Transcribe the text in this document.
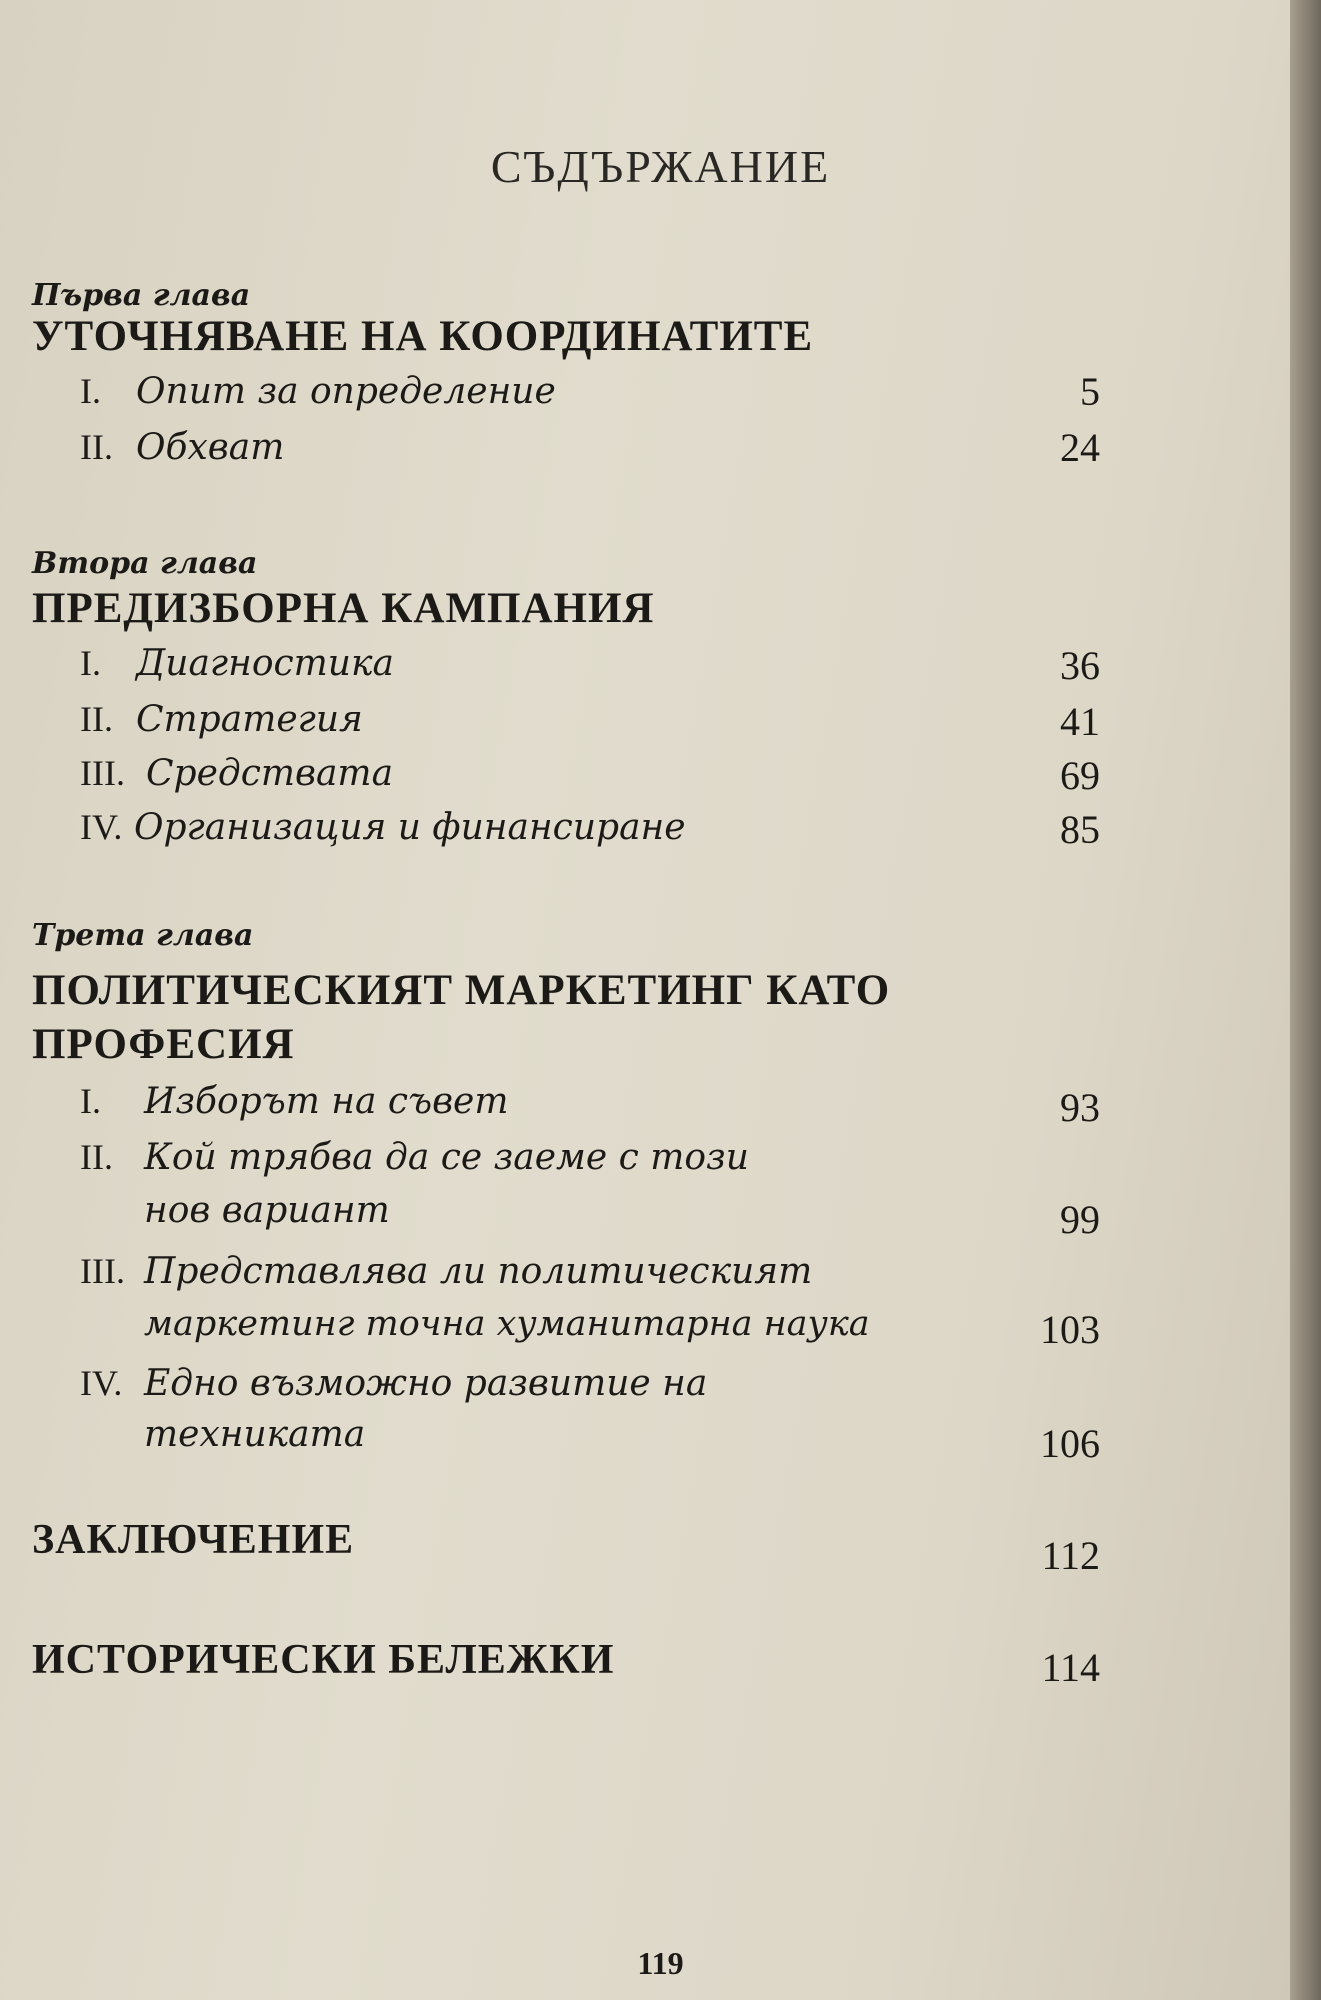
СЪДЪРЖАНИЕ
Първа глава
УТОЧНЯВАНЕ НА КООРДИНАТИТЕ
I. Опит за определение	5
II. Обхват	24
Втора глава
ПРЕДИЗБОРНА КАМПАНИЯ
I. Диагностика	36
II. Стратегия	41
III. Средствата	69
IV. Организация и финансиране	85
Трета глава
ПОЛИТИЧЕСКИЯТ МАРКЕТИНГ КАТО
ПРОФЕСИЯ
I. Изборът на съвет	93
II. Кой трябва да се заеме с този
нов вариант	99
III. Представлява ли политическият
маркетинг точна хуманитарна наука	103
IV. Едно възможно развитие на
техниката	106
ЗАКЛЮЧЕНИЕ	112
ИСТОРИЧЕСКИ БЕЛЕЖКИ	114
119
